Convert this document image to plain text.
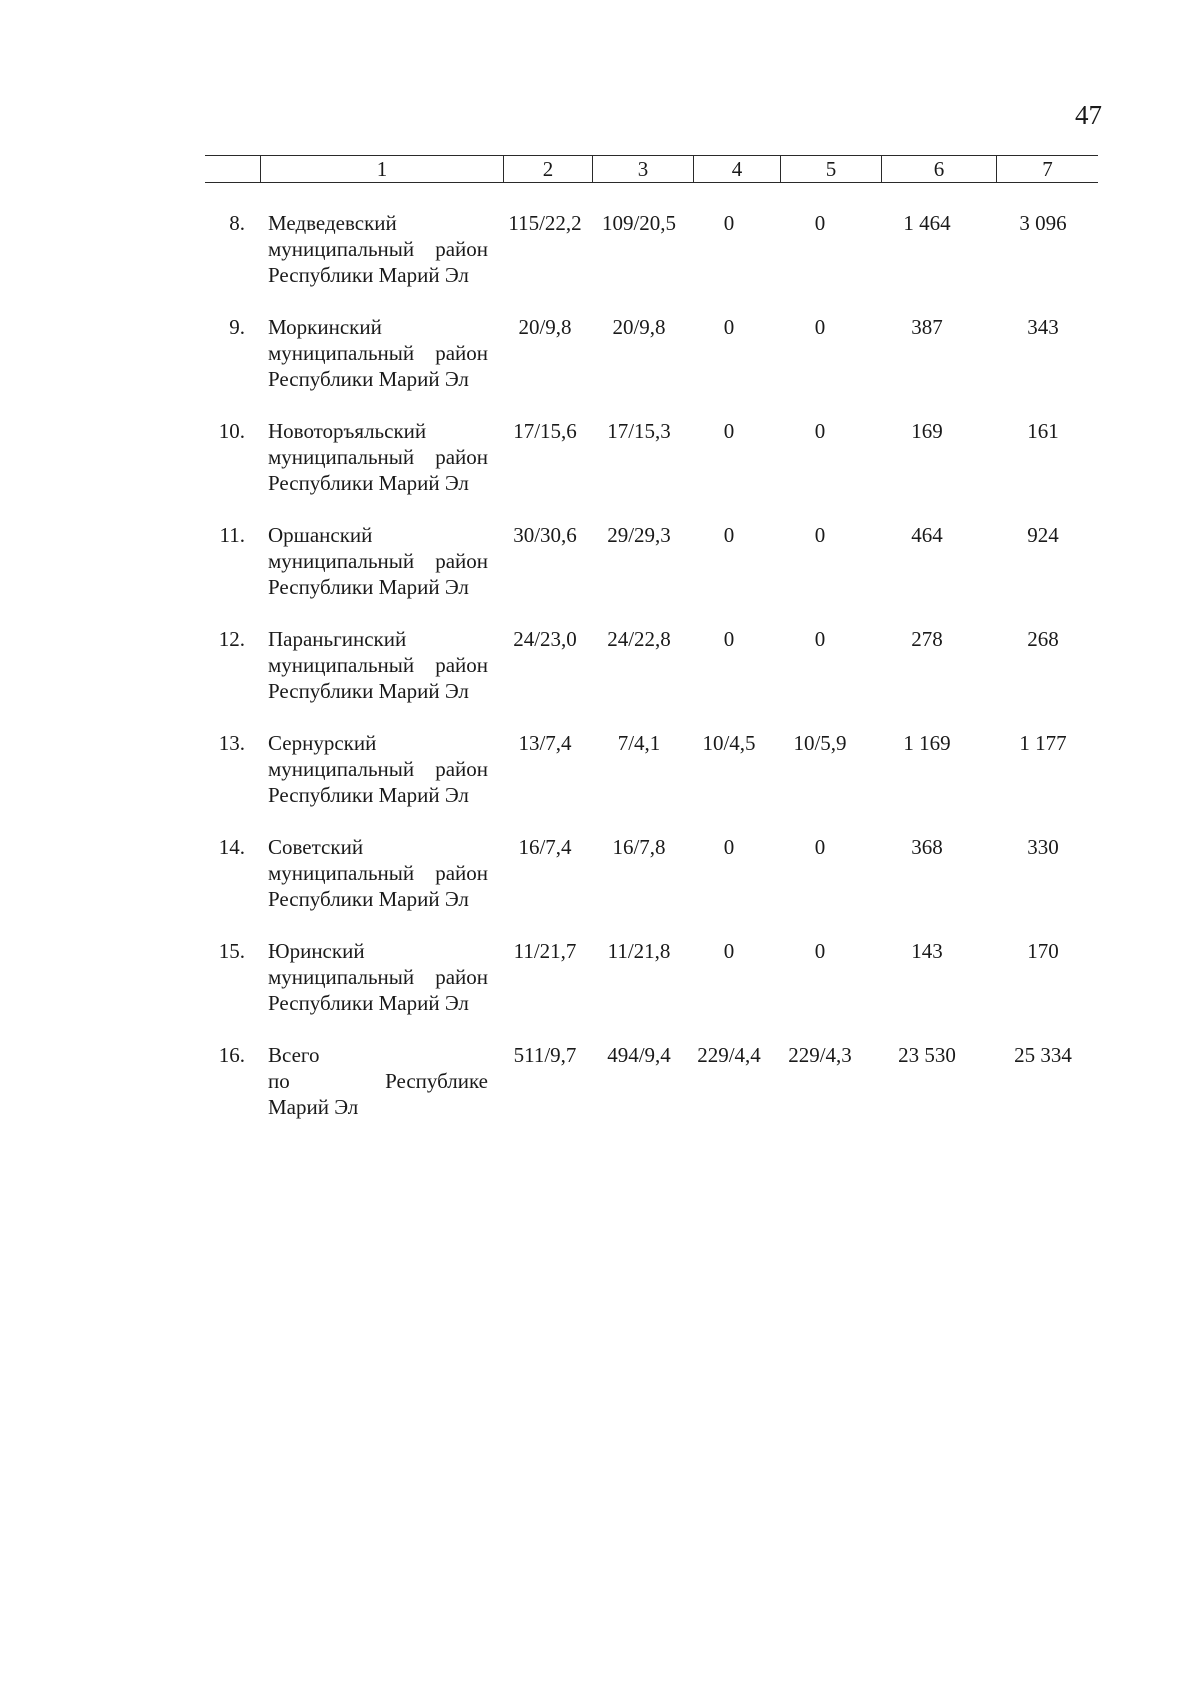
47
	1	2	3	4	5	6	7
8. Медведевский
муниципальный район
Республики Марий Эл
115/22,2 109/20,5	0	0	1 464	3 096
9. Моркинский
муниципальный район
Республики Марий Эл
20/9,8	20/9,8	0	0	387	343
10. Новоторъяльский
муниципальный район
Республики Марий Эл
17/15,6	17/15,3	0	0	169	161
11. Оршанский
муниципальный район
Республики Марий Эл
30/30,6	29/29,3	0	0	464	924
12. Параньгинский
муниципальный район
Республики Марий Эл
24/23,0	24/22,8	0	0	278	268
13. Сернурский
муниципальный район
Республики Марий Эл
13/7,4	7/4,1	10/4,5	10/5,9	1 169	1 177
14. Советский
муниципальный район
Республики Марий Эл
16/7,4	16/7,8	0	0	368	330
15. Юринский
муниципальный район
Республики Марий Эл
11/21,7	11/21,8	0	0	143	170
16. Всего
по Республике
Марий Эл
511/9,7	494/9,4	229/4,4	229/4,3	23 530	25 334
